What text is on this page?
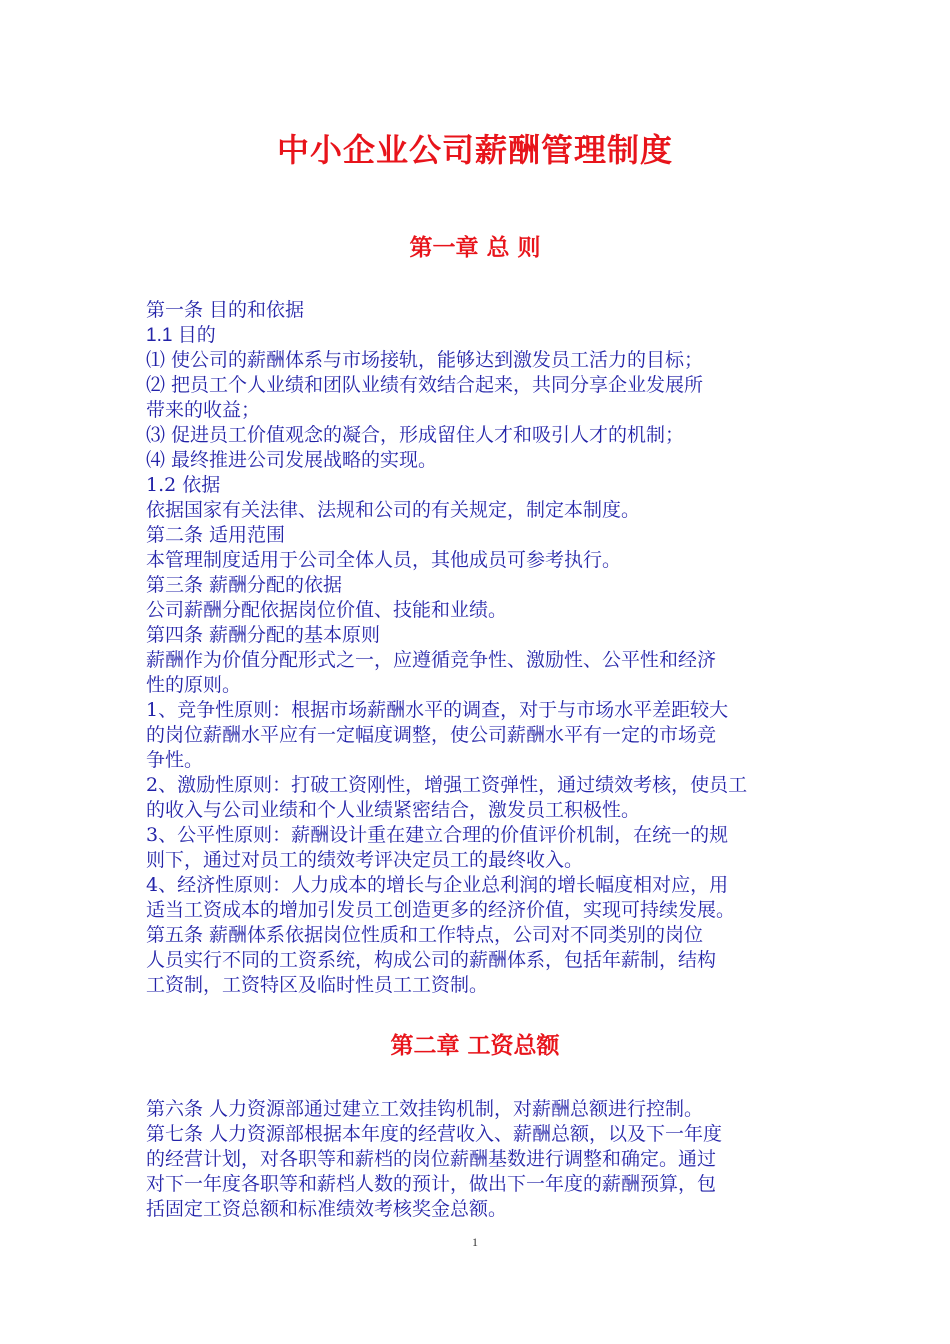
中小企业公司薪酬管理制度
第一章 总 则
第一条 目的和依据
1.1 目的
⑴ 使公司的薪酬体系与市场接轨，能够达到激发员工活力的目标；
⑵ 把员工个人业绩和团队业绩有效结合起来，共同分享企业发展所
带来的收益；
⑶ 促进员工价值观念的凝合，形成留住人才和吸引人才的机制；
⑷ 最终推进公司发展战略的实现。
1.2 依据
依据国家有关法律、法规和公司的有关规定，制定本制度。
第二条 适用范围
本管理制度适用于公司全体人员，其他成员可参考执行。
第三条 薪酬分配的依据
公司薪酬分配依据岗位价值、技能和业绩。
第四条 薪酬分配的基本原则
薪酬作为价值分配形式之一，应遵循竞争性、激励性、公平性和经济
性的原则。
1、竞争性原则：根据市场薪酬水平的调查，对于与市场水平差距较大
的岗位薪酬水平应有一定幅度调整，使公司薪酬水平有一定的市场竞
争性。
2、激励性原则：打破工资刚性，增强工资弹性，通过绩效考核，使员工
的收入与公司业绩和个人业绩紧密结合，激发员工积极性。
3、公平性原则：薪酬设计重在建立合理的价值评价机制，在统一的规
则下，通过对员工的绩效考评决定员工的最终收入。
4、经济性原则：人力成本的增长与企业总利润的增长幅度相对应，用
适当工资成本的增加引发员工创造更多的经济价值，实现可持续发展。
第五条 薪酬体系依据岗位性质和工作特点，公司对不同类别的岗位
人员实行不同的工资系统，构成公司的薪酬体系，包括年薪制，结构
工资制，工资特区及临时性员工工资制。
第二章 工资总额
第六条 人力资源部通过建立工效挂钩机制，对薪酬总额进行控制。
第七条 人力资源部根据本年度的经营收入、薪酬总额，以及下一年度
的经营计划，对各职等和薪档的岗位薪酬基数进行调整和确定。通过
对下一年度各职等和薪档人数的预计，做出下一年度的薪酬预算，包
括固定工资总额和标准绩效考核奖金总额。
1
